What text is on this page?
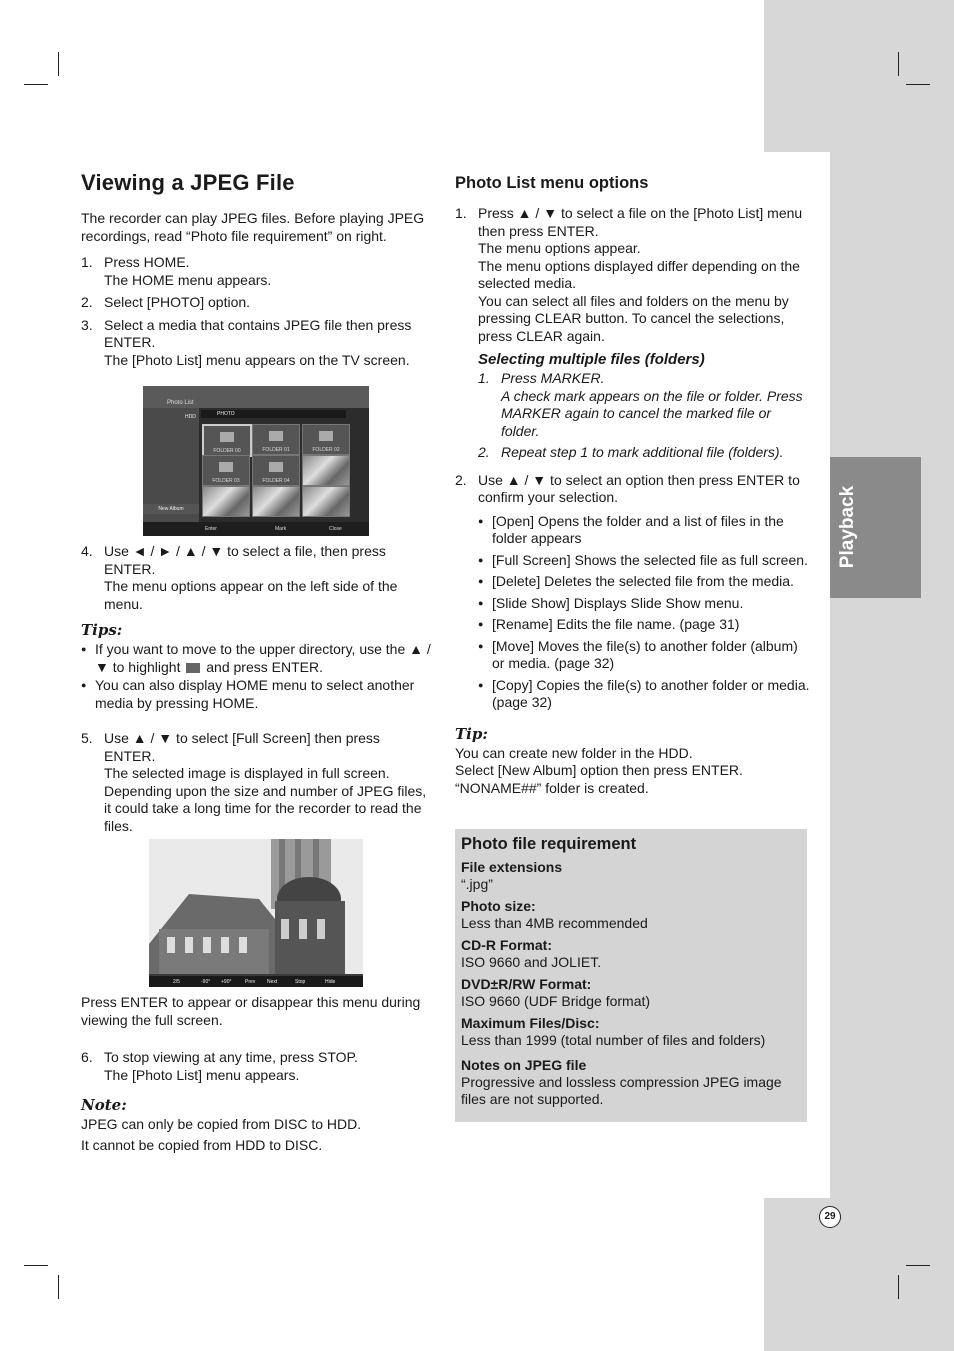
Playback
29
Viewing a JPEG File

The recorder can play JPEG files. Before playing JPEG recordings, read “Photo file requirement” on right.

1. Press HOME.
The HOME menu appears.
2. Select [PHOTO] option.
3. Select a media that contains JPEG file then press ENTER.
The [Photo List] menu appears on the TV screen.
Photo List
HDD	PHOTO
FOLDER 00	FOLDER 01	FOLDER 02
FOLDER 03	FOLDER 04
New Album
Enter	Mark	Close
4. Use ◄ / ► / ▲ / ▼ to select a file, then press ENTER.
The menu options appear on the left side of the menu.
Tips:
● If you want to move to the upper directory, use the ▲ / ▼ to highlight and press ENTER.
● You can also display HOME menu to select another media by pressing HOME.
5. Use ▲ / ▼ to select [Full Screen] then press ENTER.
The selected image is displayed in full screen. Depending upon the size and number of JPEG files, it could take a long time for the recorder to read the files.
2/5	-90° +90°	Prev Next	Stop	Hide

Press ENTER to appear or disappear this menu during viewing the full screen.

6. To stop viewing at any time, press STOP.
The [Photo List] menu appears.
Note:

JPEG can only be copied from DISC to HDD.

It cannot be copied from HDD to DISC.

Photo List menu options
1. Press ▲ / ▼ to select a file on the [Photo List] menu then press ENTER.
The menu options appear.
The menu options displayed differ depending on the selected media.
You can select all files and folders on the menu by pressing CLEAR button. To cancel the selections, press CLEAR again.
Selecting multiple files (folders)
1. Press MARKER.
A check mark appears on the file or folder. Press MARKER again to cancel the marked file or folder.
2. Repeat step 1 to mark additional file (folders).
2. Use ▲ / ▼ to select an option then press ENTER to confirm your selection.
● [Open] Opens the folder and a list of files in the folder appears
● [Full Screen] Shows the selected file as full screen.
● [Delete] Deletes the selected file from the media.
● [Slide Show] Displays Slide Show menu.
● [Rename] Edits the file name. (page 31)
● [Move] Moves the file(s) to another folder (album) or media. (page 32)
● [Copy] Copies the file(s) to another folder or media. (page 32)
Tip:

You can create new folder in the HDD.

Select [New Album] option then press ENTER.

“NONAME##” folder is created.

Photo file requirement
File extensions
“.jpg”
Photo size:
Less than 4MB recommended
CD-R Format:
ISO 9660 and JOLIET.
DVD±R/RW Format:
ISO 9660 (UDF Bridge format)
Maximum Files/Disc:
Less than 1999 (total number of files and folders)
Notes on JPEG file
Progressive and lossless compression JPEG image files are not supported.
